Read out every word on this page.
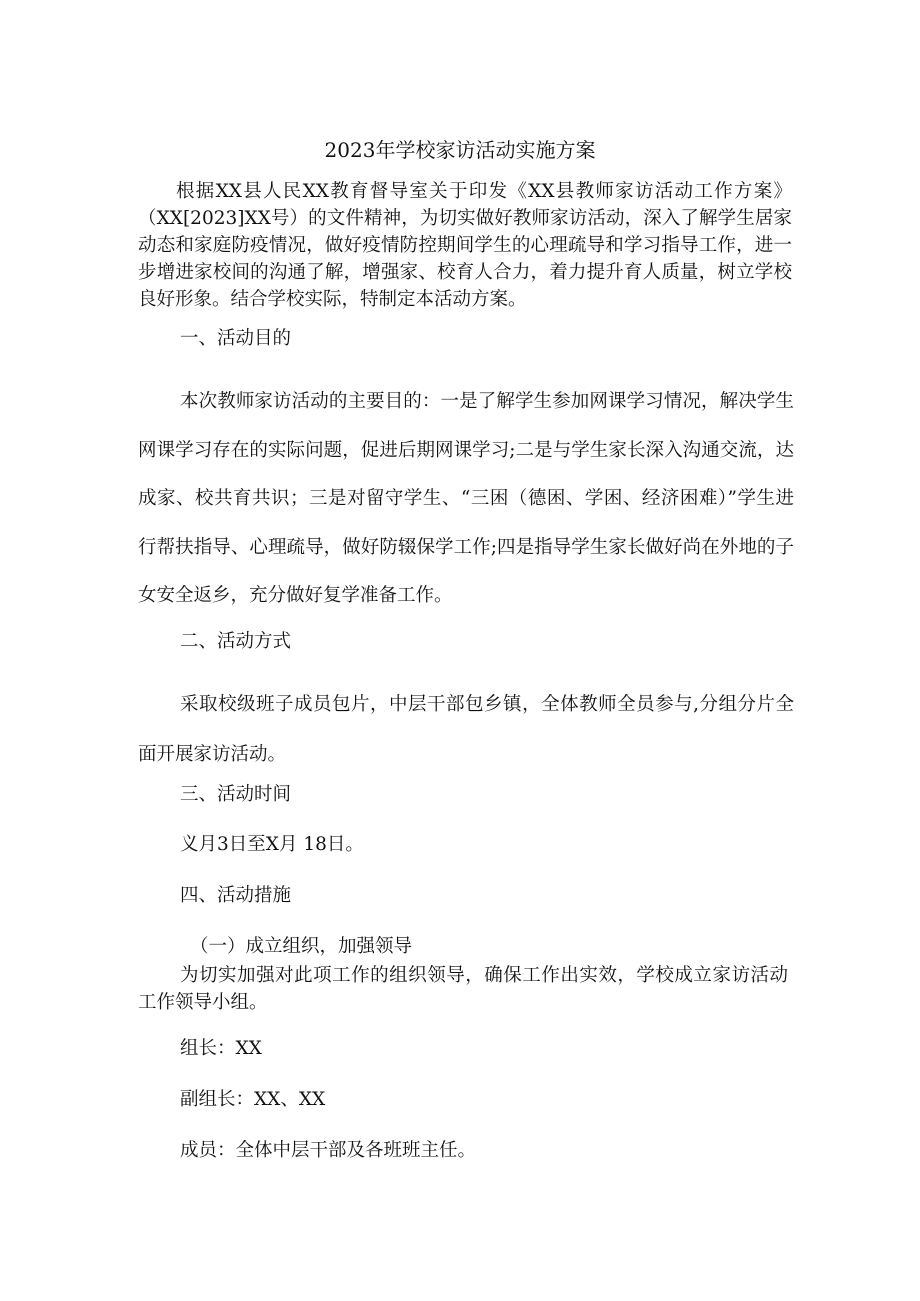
2023年学校家访活动实施方案

根据XX县人民XX教育督导室关于印发《XX县教师家访活动工作方案》（XX[2023]XX号）的文件精神，为切实做好教师家访活动，深入了解学生居家动态和家庭防疫情况，做好疫情防控期间学生的心理疏导和学习指导工作，进一步增进家校间的沟通了解，增强家、校育人合力，着力提升育人质量，树立学校良好形象。结合学校实际，特制定本活动方案。

一、活动目的

本次教师家访活动的主要目的：一是了解学生参加网课学习情况，解决学生网课学习存在的实际问题，促进后期网课学习;二是与学生家长深入沟通交流，达成家、校共育共识；三是对留守学生、“三困（德困、学困、经济困难）”学生进行帮扶指导、心理疏导，做好防辍保学工作;四是指导学生家长做好尚在外地的子女安全返乡，充分做好复学准备工作。

二、活动方式

采取校级班子成员包片，中层干部包乡镇，全体教师全员参与,分组分片全面开展家访活动。

三、活动时间

义月3日至X月 18日。

四、活动措施

（一）成立组织，加强领导

为切实加强对此项工作的组织领导，确保工作出实效，学校成立家访活动工作领导小组。

组长：XX

副组长：XX、XX

成员：全体中层干部及各班班主任。
